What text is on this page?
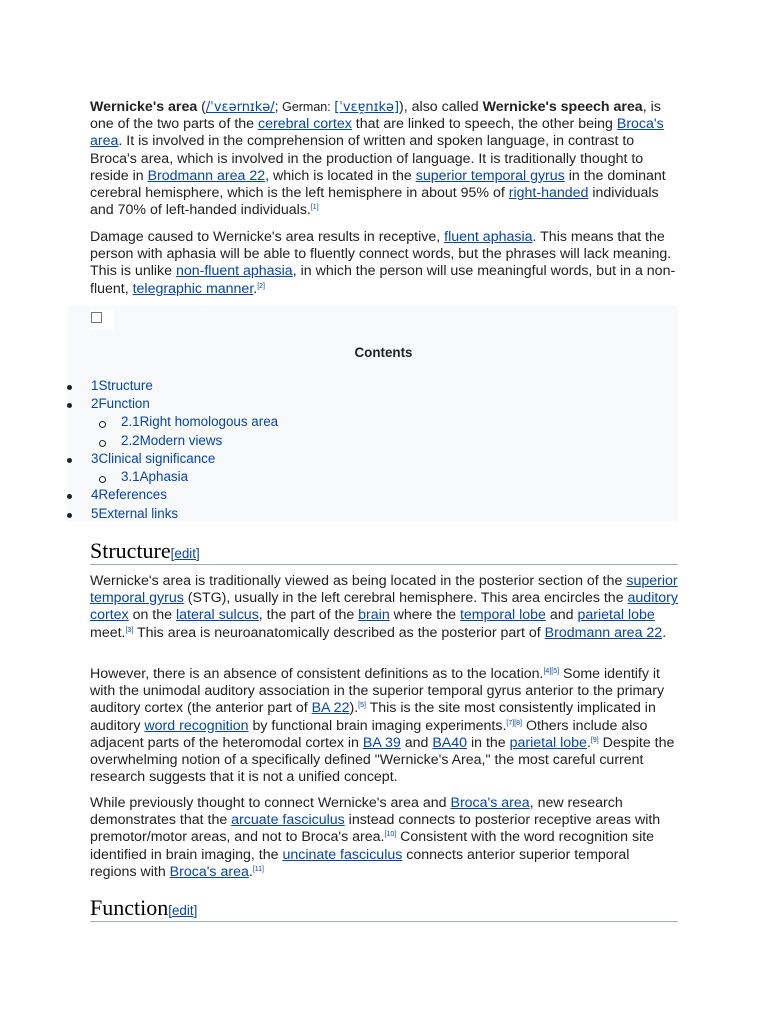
Wernicke's area (/ˈvɛərnɪkə/; German: [ˈvɛɐ̯nɪkə]), also called Wernicke's speech area, is one of the two parts of the cerebral cortex that are linked to speech, the other being Broca's area. It is involved in the comprehension of written and spoken language, in contrast to Broca's area, which is involved in the production of language. It is traditionally thought to reside in Brodmann area 22, which is located in the superior temporal gyrus in the dominant cerebral hemisphere, which is the left hemisphere in about 95% of right-handed individuals and 70% of left-handed individuals.[1]

Damage caused to Wernicke's area results in receptive, fluent aphasia. This means that the person with aphasia will be able to fluently connect words, but the phrases will lack meaning. This is unlike non-fluent aphasia, in which the person will use meaningful words, but in a non-fluent, telegraphic manner.[2]

Contents
1Structure
2Function
2.1Right homologous area
2.2Modern views
3Clinical significance
3.1Aphasia
4References
5External links
Structure[edit]

Wernicke's area is traditionally viewed as being located in the posterior section of the superior temporal gyrus (STG), usually in the left cerebral hemisphere. This area encircles the auditory cortex on the lateral sulcus, the part of the brain where the temporal lobe and parietal lobe meet.[3] This area is neuroanatomically described as the posterior part of Brodmann area 22.

However, there is an absence of consistent definitions as to the location.[4][5] Some identify it with the unimodal auditory association in the superior temporal gyrus anterior to the primary auditory cortex (the anterior part of BA 22).[5] This is the site most consistently implicated in auditory word recognition by functional brain imaging experiments.[7][8] Others include also adjacent parts of the heteromodal cortex in BA 39 and BA40 in the parietal lobe.[9] Despite the overwhelming notion of a specifically defined "Wernicke's Area," the most careful current research suggests that it is not a unified concept.

While previously thought to connect Wernicke's area and Broca's area, new research demonstrates that the arcuate fasciculus instead connects to posterior receptive areas with premotor/motor areas, and not to Broca's area.[10] Consistent with the word recognition site identified in brain imaging, the uncinate fasciculus connects anterior superior temporal regions with Broca's area.[11]

Function[edit]
